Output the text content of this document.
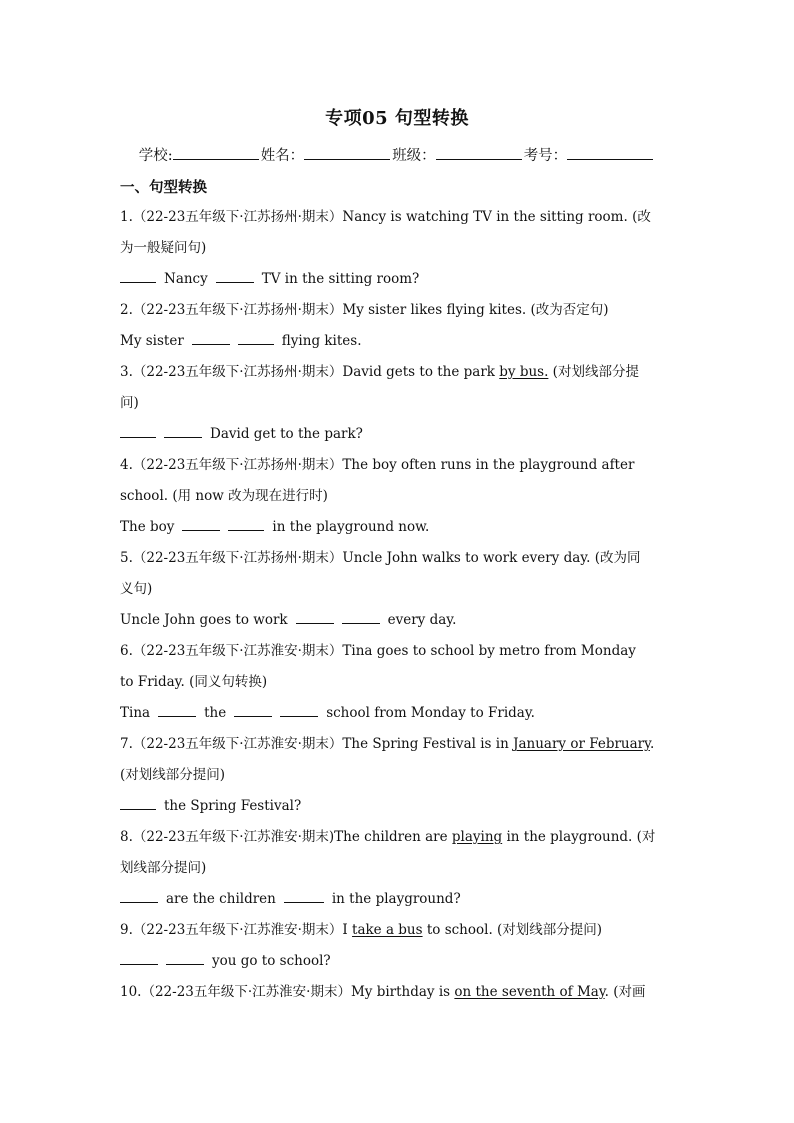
专项05 句型转换
学校:	姓名：	班级：	考号：
一、句型转换
1.（22-23五年级下·江苏扬州·期末）Nancy is watching TV in the sitting room. (改
为一般疑问句)
Nancy	TV in the sitting room?
2.（22-23五年级下·江苏扬州·期末）My sister likes flying kites. (改为否定句)
My sister	flying kites.
3.（22-23五年级下·江苏扬州·期末）David gets to the park by bus. (对划线部分提
问)
David get to the park?
4.（22-23五年级下·江苏扬州·期末）The boy often runs in the playground after
school. (用 now 改为现在进行时)
The boy	in the playground now.
5.（22-23五年级下·江苏扬州·期末）Uncle John walks to work every day. (改为同
义句)
Uncle John goes to work	every day.
6.（22-23五年级下·江苏淮安·期末）Tina goes to school by metro from Monday
to Friday. (同义句转换)
Tina	the	school from Monday to Friday.
7.（22-23五年级下·江苏淮安·期末）The Spring Festival is in January or February.
(对划线部分提问)
the Spring Festival?
8.（22-23五年级下·江苏淮安·期末)The children are playing in the playground. (对
划线部分提问)
are the children	in the playground?
9.（22-23五年级下·江苏淮安·期末）I take a bus to school. (对划线部分提问)
you go to school?
10.（22-23五年级下·江苏淮安·期末）My birthday is on the seventh of May. (对画
